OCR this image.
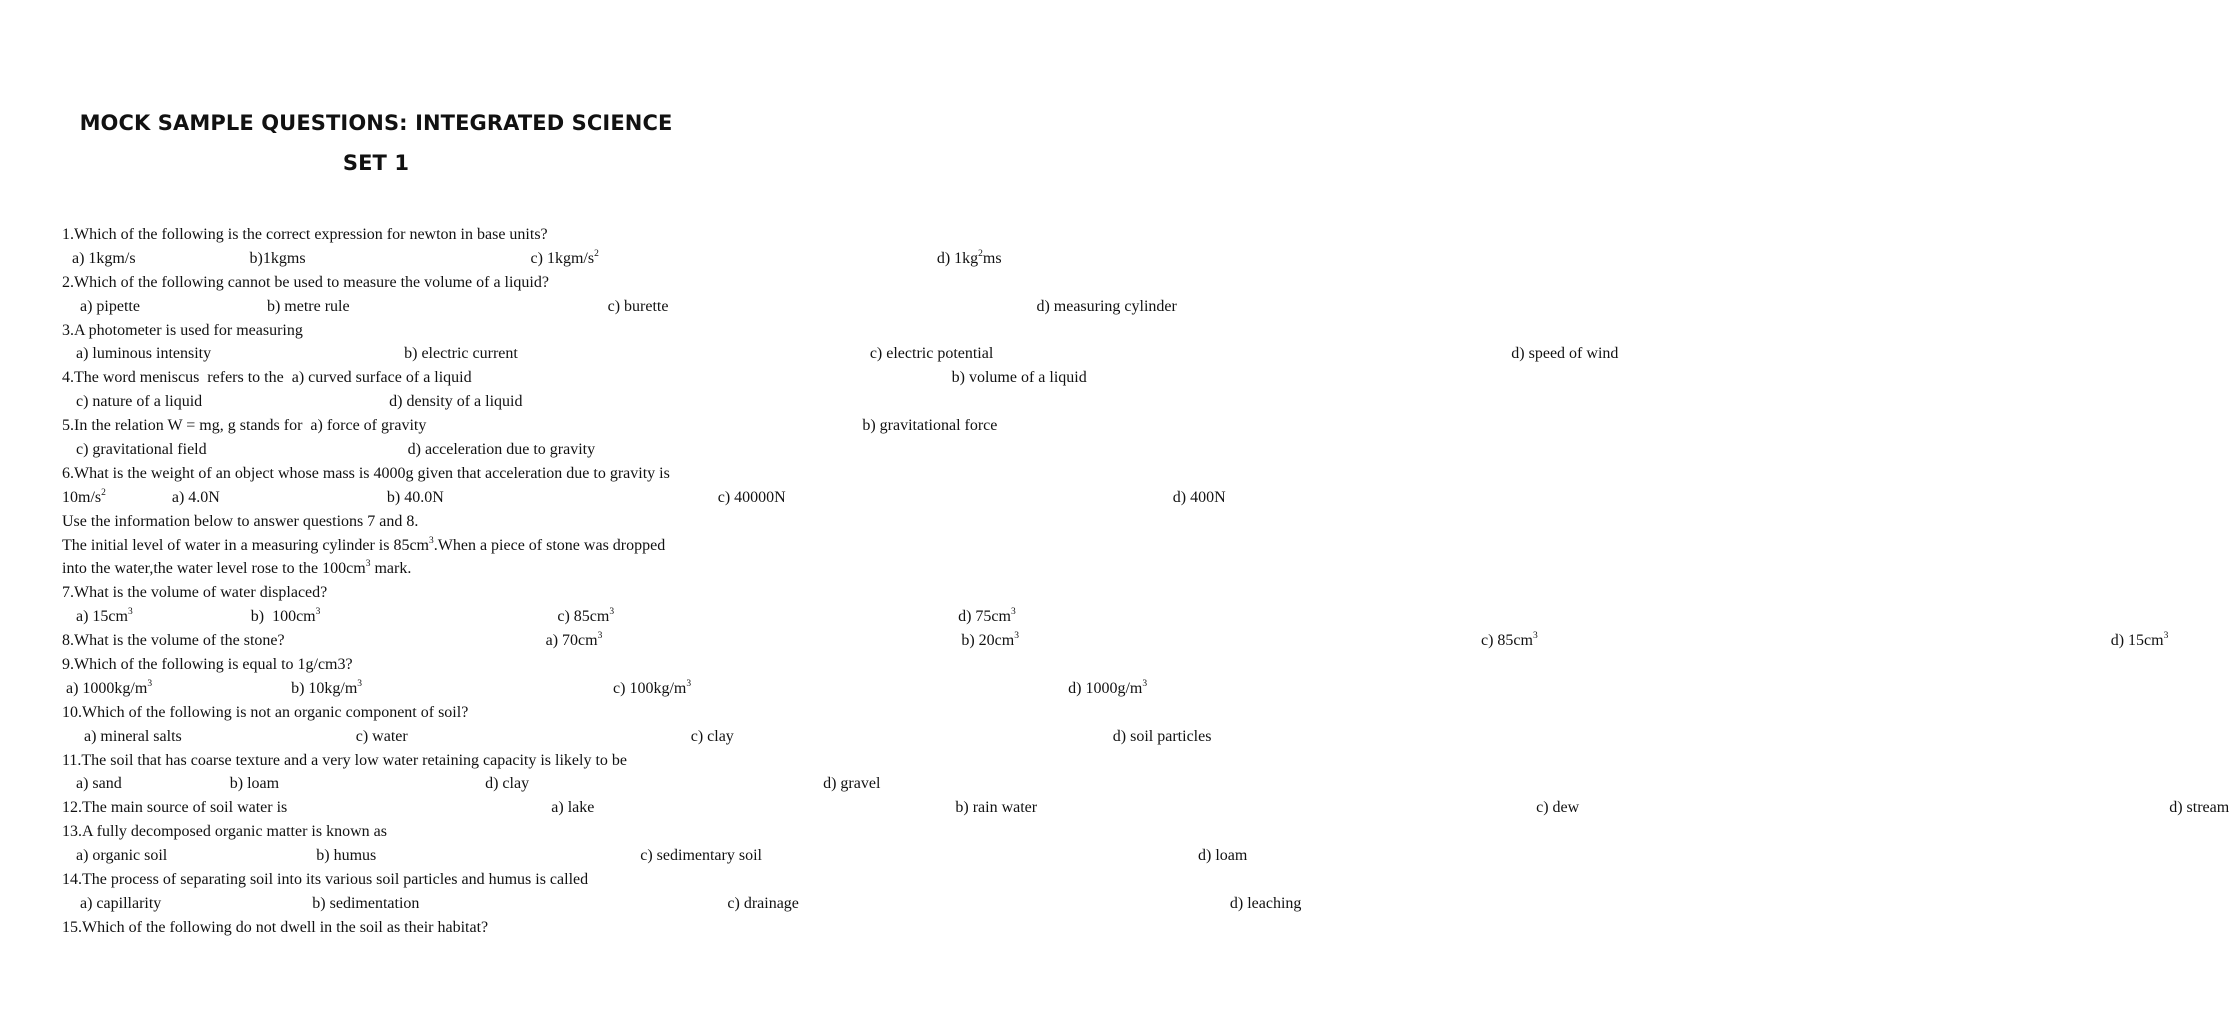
MOCK SAMPLE QUESTIONS: INTEGRATED SCIENCE
SET 1
1.Which of the following is the correct expression for newton in base units?
a) 1kgm/s	b)1kgms	c) $1kgm/s^2$	d) $1kg^2ms$
2.Which of the following cannot be used to measure the volume of a liquid?
a) pipette	b) metre rule	c) burette	d) measuring cylinder
3.A photometer is used for measuring
a) luminous intensity	b) electric current	c) electric potential	d) speed of wind
4.The word meniscus  refers to the  a) curved surface of a liquid	b) volume of a liquid
c) nature of a liquid	d) density of a liquid
5.In the relation W = mg, g stands for  a) force of gravity	b) gravitational force
c) gravitational field	d) acceleration due to gravity
6.What is the weight of an object whose mass is 4000g given that acceleration due to gravity is
$10m/s^2$	a) 4.0N	b) 40.0N	c) 40000N	d) 400N
Use the information below to answer questions 7 and 8.
The initial level of water in a measuring cylinder is $85cm^3.When$ a piece of stone was dropped
into the water,the water level rose to the $100cm^3$ mark.
7.What is the volume of water displaced?
a) $15cm^3$	b)  $100cm^3$	c) $85cm^3$	d) $75cm^3$
8.What is the volume of the stone?	a) $70cm^3$	b) $20cm^3$	c) $85cm^3$	d) $15cm^3$
9.Which of the following is equal to 1g/cm3?
a) $1000kg/m^3$	b) $10kg/m^3$	c) $100kg/m^3$	d) $1000g/m^3$
10.Which of the following is not an organic component of soil?
a) mineral salts	c) water	c) clay	d) soil particles
11.The soil that has coarse texture and a very low water retaining capacity is likely to be
a) sand	b) loam	d) clay	d) gravel
12.The main source of soil water is	a) lake	b) rain water	c) dew	d) stream
13.A fully decomposed organic matter is known as
a) organic soil	b) humus	c) sedimentary soil	d) loam
14.The process of separating soil into its various soil particles and humus is called
a) capillarity	b) sedimentation	c) drainage	d) leaching
15.Which of the following do not dwell in the soil as their habitat?
